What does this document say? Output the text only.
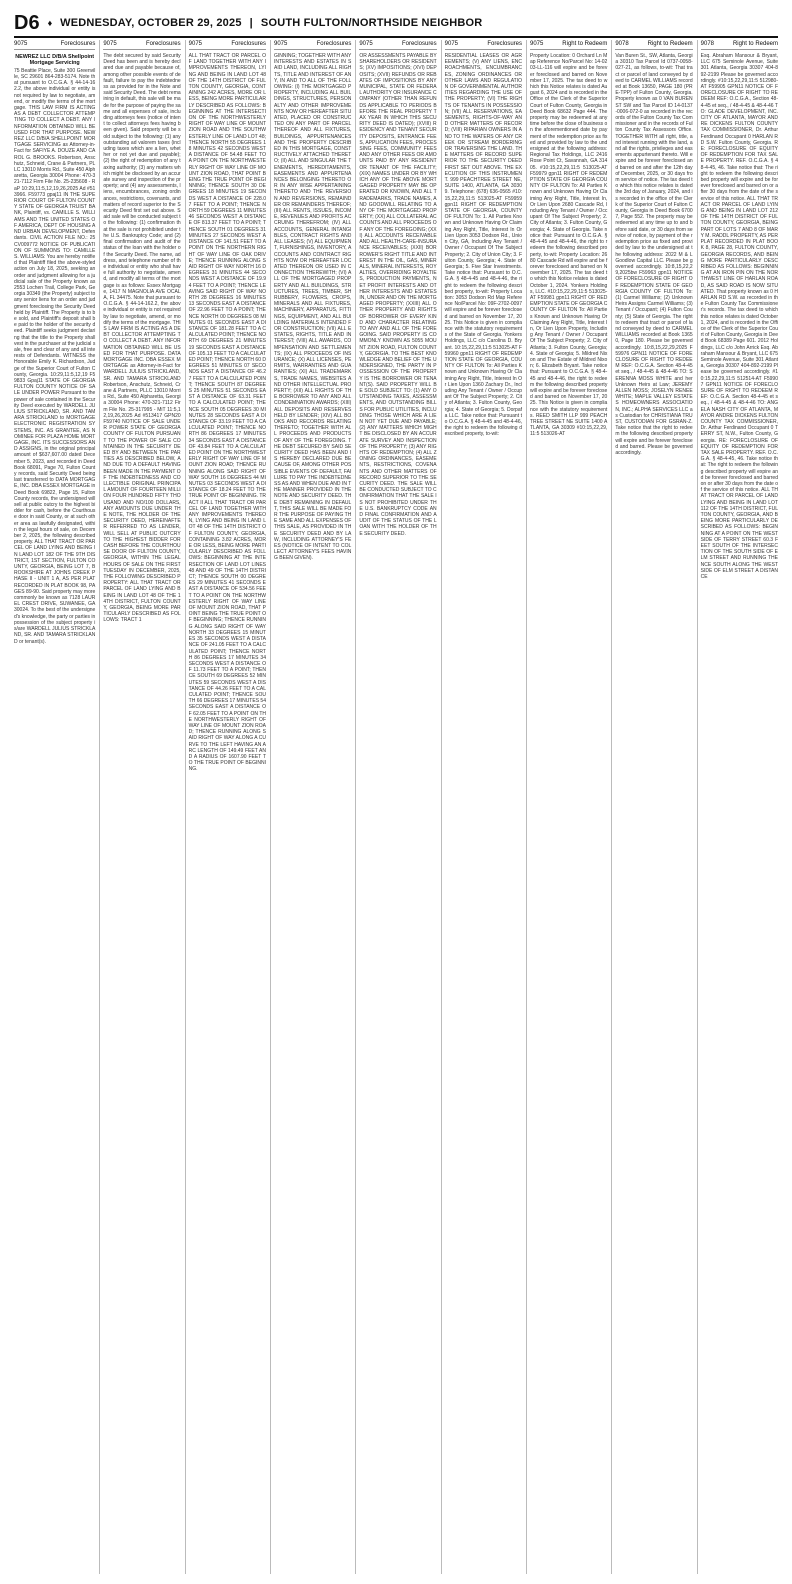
D6 ♦ WEDNESDAY, OCTOBER 29, 2025 | SOUTH FULTON/NORTHSIDE NEIGHBOR
9075	Foreclosures
NEWREZ LLC D/B/A Shellpoint Mortgage Servicing
75 Beattie Place, Suite 300 Greenville, SC 29601 864-283-5174. Note that pursuant to O.C.G.A. § 44-14-162.2, the above individual or entity is not required by law to negotiate, amend, or modify the terms of the mortgage. THIS LAW FIRM IS ACTING AS A DEBT COLLECTOR ATTEMPTING TO COLLECT A DEBT. ANY INFORMATION OBTAINED WILL BE USED FOR THAT PURPOSE. NEWREZ LLC D/B/A SHELLPOINT MORTGAGE SERVICING as Attorney-in-Fact for SAFIYE A. DOUZE AND CAROL G. BROOKS. Robertson, Anschutz, Schneid, Crane & Partners, PLLC 13010 Morris Rd., Suite 450 Alpharetta, Georgia 30004 Phone: 470-321-7112 Firm File No. 25-235608 - RaP 10:29,11:5,12,19,26,2025 Ad #513966. F59773 gpaj11 IN THE SUPERIOR COURT OF FULTON COUNTY STATE OF GEORGIA TRUIST BANK, Plaintiff, vs. CAMILLE S. WILLIAMS AND THE UNITED STATES OF AMERICA, DEPT OF HOUSING AND URBAN DEVELOPMENT, Defendants. CIVIL ACTION FILE NO.: 25CV009772 NOTICE OF PUBLICATION OF SUMMONS TO: CAMILLE S. WILLIAMS: You are hereby notified that Plaintiff filed the above-styled action on July 18, 2025, seeking an order and judgment allowing for a judicial sale of the Property known as 2553 Lochen Trail, College Park, Georgia 30349 (the Property) subject to any senior liens for an order and judgment foreclosing the Security Deed held by Plaintiff. The Property is to be sold, and Plaintiff's deposit shall be paid to the holder of the security deed. Plaintiff seeks judgment declaring that the title to the Property shall vest in the purchaser at the judicial sale, free and clear of any and all interests of Defendants. WITNESS the Honorable Emily K. Richardson, Judge of the Superior Court of Fulton County, Georgia. 10:29,11:5,12,19 F59833 Gpaj11 STATE OF GEORGIA FULTON COUNTY NOTICE OF SALE UNDER POWER Pursuant to the power of sale contained in the Security Deed executed by WARDELL JULIUS STRICKLAND, SR. AND TAMARA STRICKLAND to MORTGAGE ELECTRONIC REGISTRATION SYSTEMS, INC. AS GRANTEE, AS NOMINEE FOR PLAZA HOME MORTGAGE, INC. ITS SUCCESSORS AND ASSIGNS, in the original principal amount of $637,607.00 dated December 5, 2023, and recorded in Deed Book 68091, Page 70, Fulton County records, said Security Deed being last transferred to DATA MORTGAGE, INC. DBA ESSEX MORTGAGE in Deed Book 69822, Page 15, Fulton County records, the undersigned will sell at public outcry to the highest bidder for cash, before the Courthouse door in said County, or at such other area as lawfully designated, within the legal hours of sale, on December 2, 2025, the following described property. ALL THAT TRACT OR PARCEL OF LAND LYING AND BEING IN LAND LOT 182 OF THE 9TH DISTRICT, 1ST SECTION, FULTON COUNTY, GEORGIA, BEING LOT 7, BROOKSHIRE AT JOHNS CREEK PHASE II - UNIT 1 A, AS PER PLAT RECORDED IN PLAT BOOK 98, PAGES 89-90. Said property may more commonly be known as 7128 LAUREL CREST DRIVE, SUWANEE, GA 30024. To the best of the undersigned's knowledge, the party or parties in possession of the subject property is/are WARDELL JULIUS STRICKLAND, SR. AND TAMARA STRICKLAND or tenant(s).
9075	Foreclosures
The debt secured by said Security Deed has been and is hereby declared due and payable because of, among other possible events of default, failure to pay the indebtedness as provided for in the Note and said Security Deed. The debt remaining in default, this sale will be made for the purpose of paying the same and all expenses of sale, including attorneys fees (notice of intent to collect attorneys fees having been given). Said property will be sold subject to the following: (1) any outstanding ad valorem taxes (including taxes which are a lien, whether or not yet due and payable); (2) the right of redemption of any taxing authority; (3) any matters which might be disclosed by an accurate survey and inspection of the property; and (4) any assessments, liens, encumbrances, zoning ordinances, restrictions, covenants, and matters of record superior to the Security Deed first set out above. Said sale will be conducted subject to the following: (1) confirmation that the sale is not prohibited under the U.S. Bankruptcy Code; and (2) final confirmation and audit of the status of the loan with the holder of the Security Deed. The name, address, and telephone number of the individual or entity who shall have full authority to negotiate, amend, and modify all terms of the mortgage is as follows: Essex Mortgage, 1417 N MAGNOLIA AVE OCALA, FL 34475. Note that pursuant to O.C.G.A. § 44-14-162.2, the above individual or entity is not required by law to negotiate, amend, or modify the terms of the mortgage. THIS LAW FIRM IS ACTING AS A DEBT COLLECTOR ATTEMPTING TO COLLECT A DEBT. ANY INFORMATION OBTAINED WILL BE USED FOR THAT PURPOSE. DATA MORTGAGE INC. DBA ESSEX MORTGAGE as Attorney-in-Fact for WARDELL JULIUS STRICKLAND, SR. AND TAMARA STRICKLAND Robertson, Anschutz, Schneid, Crane & Partners, PLLC 13010 Morris Rd., Suite 450 Alpharetta, Georgia 30004 Phone: 470-321-7112 Firm File No. 25-317995 - MiT 11:5,12,19,26,2025 Ad #513417 GPN20 F59740 NOTICE OF SALE UNDER POWER STATE OF GEORGIA COUNTY OF FULTON PURSUANT TO THE POWER OF SALE CONTAINED IN THE SECURITY DEED BY AND BETWEEN THE PARTIES AS DESCRIBED BELOW, AND DUE TO A DEFAULT HAVING BEEN MADE IN THE PAYMENT OF THE INDEBTEDNESS AND COLLECTIBLE ORIGINAL PRINCIPAL AMOUNT OF FOURTEEN MILLION FOUR HUNDRED FIFTY THOUSAND AND NO/100 DOLLARS, ANY AMOUNTS DUE UNDER THE NOTE, THE HOLDER OF THE SECURITY DEED, HEREINAFTER REFERRED TO AS LENDER, WILL SELL AT PUBLIC OUTCRY TO THE HIGHEST BIDDER FOR CASH BEFORE THE COURTHOUSE DOOR OF FULTON COUNTY, GEORGIA, WITHIN THE LEGAL HOURS OF SALE ON THE FIRST TUESDAY IN DECEMBER, 2025, THE FOLLOWING DESCRIBED PROPERTY: ALL THAT TRACT OR PARCEL OF LAND LYING AND BEING IN LAND LOT 48 OF THE 14TH DISTRICT, FULTON COUNTY, GEORGIA, BEING MORE PARTICULARLY DESCRIBED AS FOLLOWS: TRACT 1
9075	Foreclosures
ALL THAT TRACT OR PARCEL OF LAND TOGETHER WITH ANY IMPROVEMENTS THEREON, LYING AND BEING IN LAND LOT 48 OF THE 14TH DISTRICT OF FULTON COUNTY, GEORGIA, CONTAINING 242 ACRES, MORE OR LESS, BEING MORE PARTICULARLY DESCRIBED AS FOLLOWS: BEGINNING AT THE INTERSECTION OF THE NORTHWESTERLY RIGHT OF WAY LINE OF MOUNT ZION ROAD AND THE SOUTHWESTERLY LINE OF LAND LOT 48; THENCE NORTH 55 DEGREES 18 MINUTES 42 SECONDS WEST A DISTANCE OF 54.48 FEET TO A POINT ON THE NORTHWESTERLY RIGHT OF WAY LINE OF MOUNT ZION ROAD, THAT POINT BEING THE TRUE POINT OF BEGINNING; THENCE SOUTH 30 DEGREES 18 MINUTES 19 SECONDS WEST A DISTANCE OF 228.07 FEET TO A POINT; THENCE NORTH 59 DEGREES 11 MINUTES 46 SECONDS WEST A DISTANCE OF 813.37 FEET TO A POINT; THENCE SOUTH 01 DEGREES 31 MINUTES 27 SECONDS WEST A DISTANCE OF 141.51 FEET TO A POINT ON THE NORTHERN RIGHT OF WAY LINE OF OAK DRIVE; THENCE RUNNING ALONG SAID RIGHT OF WAY NORTH 16 DEGREES 31 MINUTES 44 SECONDS WEST A DISTANCE OF 19.94 FEET TO A POINT; THENCE LEAVING SAID RIGHT OF WAY NORTH 28 DEGREES 16 MINUTES 13 SECONDS EAST A DISTANCE OF 22.96 FEET TO A POINT; THENCE NORTH 00 DEGREES 08 MINUTES 01 SECONDS EAST A DISTANCE OF 181.28 FEET TO A CALCULATED POINT; THENCE NORTH 69 DEGREES 21 MINUTES 19 SECONDS EAST A DISTANCE OF 105.13 FEET TO A CALCULATED POINT; THENCE NORTH 60 DEGREES 51 MINUTES 07 SECONDS EAST A DISTANCE OF 46.27 FEET TO A CALCULATED POINT; THENCE SOUTH 87 DEGREES 25 MINUTES 51 SECONDS EAST A DISTANCE OF 63.31 FEET TO A CALCULATED POINT; THENCE SOUTH 05 DEGREES 30 MINUTES 28 SECONDS EAST A DISTANCE OF 33.19 FEET TO A CALCULATED POINT; THENCE NORTH 86 DEGREES 17 MINUTES 34 SECONDS EAST A DISTANCE OF 43.84 FEET TO A CALCULATED POINT ON THE NORTHWESTERLY RIGHT OF WAY LINE OF MOUNT ZION ROAD; THENCE RUNNING ALONG SAID RIGHT OF WAY SOUTH 16 DEGREES 44 MINUTES 03 SECONDS WEST A DISTANCE OF 18.24 FEET TO THE TRUE POINT OF BEGINNING. TRACT II ALL THAT TRACT OR PARCEL OF LAND TOGETHER WITH ANY IMPROVEMENTS THEREON, LYING AND BEING IN LAND LOT 48 OF THE 14TH DISTRICT OF FULTON COUNTY, GEORGIA, CONTAINING 3.82 ACRES, MORE OR LESS, BEING MORE PARTICULARLY DESCRIBED AS FOLLOWS: BEGINNING AT THE INTERSECTION OF LAND LOT LINES 48 AND 49 OF THE 14TH DISTRICT; THENCE SOUTH 00 DEGREES 29 MINUTES 41 SECONDS EAST A DISTANCE OF 534.56 FEET TO A POINT ON THE NORTHWESTERLY RIGHT OF WAY LINE OF MOUNT ZION ROAD, THAT POINT BEING THE TRUE POINT OF BEGINNING; THENCE RUNNING ALONG SAID RIGHT OF WAY NORTH 33 DEGREES 15 MINUTES 35 SECONDS WEST A DISTANCE OF 241.05 FEET TO A CALCULATED POINT; THENCE NORTH 86 DEGREES 17 MINUTES 34 SECONDS WEST A DISTANCE OF 11.73 FEET TO A POINT; THENCE SOUTH 69 DEGREES 52 MINUTES 59 SECONDS WEST A DISTANCE OF 44.26 FEET TO A CALCULATED POINT; THENCE SOUTH 66 DEGREES 17 MINUTES 54 SECONDS EAST A DISTANCE OF 62.05 FEET TO A POINT ON THE NORTHWESTERLY RIGHT OF WAY LINE OF MOUNT ZION ROAD; THENCE RUNNING ALONG SAID RIGHT OF WAY ALONG A CURVE TO THE LEFT HAVING AN ARC LENGTH OF 149.49 FEET AND A RADIUS OF 1607.90 FEET TO THE TRUE POINT OF BEGINNING.
9075	Foreclosures
GINNING; TOGETHER WITH ANY INTERESTS AND ESTATES IN SAID LAND, INCLUDING ALL RIGHTS, TITLE AND INTEREST OF ANY, IN AND TO ALL OF THE FOLLOWING: (I) THE MORTGAGED PROPERTY, INCLUDING ALL BUILDINGS, STRUCTURES, PERSONALTY AND OTHER IMPROVEMENTS NOW OR HEREAFTER SITUATED, PLACED OR CONSTRUCTED ON ANY PART OF PARCEL THEREOF AND ALL FIXTURES, BUILDINGS, APPURTENANCES AND THE PROPERTY DESCRIBED IN THIS MORTGAGE, CONSTRUCTIVELY ATTACHED THERETO; (II) ALL AND SINGULAR THE TENEMENTS, HEREDITAMENTS, EASEMENTS AND APPURTENANCES BELONGING THERETO OR IN ANY WISE APPERTAINING THERETO AND THE REVERSION AND REVERSIONS, REMAINDER OR REMAINDERS THEREOF; (III) ALL RENTS, ISSUES, INCOME, REVENUES AND PROFITS ACCRUING THEREFROM; (IV) ALL ACCOUNTS, GENERAL INTANGIBLES, CONTRACT RIGHTS AND ALL LEASES; (V) ALL EQUIPMENT, FURNISHINGS, INVENTORY, ACCOUNTS AND CONTRACT RIGHTS NOW OR HEREAFTER LOCATED THEREON OR USED IN CONNECTION THEREWITH; (VI) ALL OF THE MORTGAGED PROPERTY AND ALL BUILDINGS, STRUCTURES, TREES, TIMBER, SHRUBBERY, FLOWERS, CROPS, MINERALS AND ALL FIXTURES, MACHINERY, APPARATUS, FITTINGS, EQUIPMENT, AND ALL BUILDING MATERIALS INTENDED FOR CONSTRUCTION; (VII) ALL ESTATES, RIGHTS, TITLE AND INTEREST; (VIII) ALL AWARDS, COMPENSATION AND SETTLEMENTS; (IX) ALL PROCEEDS OF INSURANCE; (X) ALL LICENSES, PERMITS, WARRANTIES AND GUARANTIES; (XI) ALL TRADEMARKS, TRADE NAMES, WEBSITES AND OTHER INTELLECTUAL PROPERTY; (XII) ALL RIGHTS OF THE BORROWER TO ANY AND ALL CONDEMNATION AWARDS; (XIII) ALL DEPOSITS AND RESERVES HELD BY LENDER; (XIV) ALL BOOKS AND RECORDS RELATING THERETO; TOGETHER WITH ALL PROCEEDS AND PRODUCTS OF ANY OF THE FOREGOING. THE DEBT SECURED BY SAID SECURITY DEED HAS BEEN AND IS HEREBY DECLARED DUE BECAUSE OF, AMONG OTHER POSSIBLE EVENTS OF DEFAULT, FAILURE TO PAY THE INDEBTEDNESS AS AND WHEN DUE AND IN THE MANNER PROVIDED IN THE NOTE AND SECURITY DEED. THE DEBT REMAINING IN DEFAULT, THIS SALE WILL BE MADE FOR THE PURPOSE OF PAYING THE SAME AND ALL EXPENSES OF THIS SALE, AS PROVIDED IN THE SECURITY DEED AND BY LAW, INCLUDING ATTORNEY'S FEES (NOTICE OF INTENT TO COLLECT ATTORNEY'S FEES HAVING BEEN GIVEN).
9075	Foreclosures
OR ASSESSMENTS PAYABLE BY SHAREHOLDERS OR RESIDENTS; (XV) IMPOSITIONS; (XVI) DEPOSITS; (XVII) REFUNDS OR REBATES OF IMPOSITIONS BY ANY MUNICIPAL, STATE OR FEDERAL AUTHORITY OR INSURANCE COMPANY (OTHER THAN REFUNDS APPLICABLE TO PERIODS BEFORE THE REAL PROPERTY TAX YEAR IN WHICH THIS SECURITY DEED IS DATED); (XVIII) RESIDENCY AND TENANT SECURITY DEPOSITS, ENTRANCE FEES, APPLICATION FEES, PROCESSING FEES, COMMUNITY FEES AND ANY OTHER FEES OR AMOUNTS PAID BY ANY RESIDENT OR TENANT OF THE FACILITY; (XIX) NAMES UNDER OR BY WHICH ANY OF THE ABOVE MORTGAGED PROPERTY MAY BE OPERATED OR KNOWN, AND ALL TRADEMARKS, TRADE NAMES, AND GOODWILL RELATING TO ANY OF THE MORTGAGED PROPERTY; (XX) ALL COLLATERAL ACCOUNTS AND ALL PROCEEDS OF ANY OF THE FOREGOING; (XXI) ALL ACCOUNTS RECEIVABLE AND ALL HEALTH-CARE-INSURANCE RECEIVABLES; (XXII) BORROWER'S RIGHT TITLE AND INTEREST IN THE OIL, GAS, MINERALS, MINERAL INTERESTS, ROYALTIES, OVERRIDING ROYALTIES, PRODUCTION PAYMENTS, NET PROFIT INTERESTS AND OTHER INTERESTS AND ESTATES IN, UNDER AND ON THE MORTGAGED PROPERTY; (XXIII) ALL OTHER PROPERTY AND RIGHTS OF BORROWER OF EVERY KIND AND CHARACTER RELATING TO ANY AND ALL OF THE FOREGOING. SAID PROPERTY IS COMMONLY KNOWN AS 5055 MOUNT ZION ROAD, FULTON COUNTY, GEORGIA. TO THE BEST KNOWLEDGE AND BELIEF OF THE UNDERSIGNED, THE PARTY IN POSSESSION OF THE PROPERTY IS THE BORROWER OR TENANT(S). SAID PROPERTY WILL BE SOLD SUBJECT TO: (1) ANY OUTSTANDING TAXES, ASSESSMENTS, AND OUTSTANDING BILLS FOR PUBLIC UTILITIES, INCLUDING THOSE WHICH ARE A LIEN NOT YET DUE AND PAYABLE; (2) ANY MATTERS WHICH MIGHT BE DISCLOSED BY AN ACCURATE SURVEY AND INSPECTION OF THE PROPERTY; (3) ANY RIGHTS OF REDEMPTION; (4) ALL ZONING ORDINANCES, EASEMENTS, RESTRICTIONS, COVENANTS AND OTHER MATTERS OF RECORD SUPERIOR TO THE SECURITY DEED. THE SALE WILL BE CONDUCTED SUBJECT TO CONFIRMATION THAT THE SALE IS NOT PROHIBITED UNDER THE U.S. BANKRUPTCY CODE AND FINAL CONFIRMATION AND AUDIT OF THE STATUS OF THE LOAN WITH THE HOLDER OF THE SECURITY DEED.
9075	Foreclosures
RESIDENTIAL LEASES OR AGREEMENTS; (V) ANY LIENS, ENCROACHMENTS, ENCUMBRANCES, ZONING ORDINANCES OR OTHER LAWS AND REGULATION OF GOVERNMENTAL AUTHORITIES REGARDING THE USE OF THE PROPERTY; (VI) THE RIGHTS OF TENANTS IN POSSESSION; (VII) ALL RESERVATIONS, EASEMENTS, RIGHTS-OF-WAY AND OTHER MATTERS OF RECORD; (VIII) RIPARIAN OWNERS IN AND TO THE WATERS OF ANY CREEK OR STREAM BORDERING OR TRAVERSING THE LAND. THE MATTERS OF RECORD SUPERIOR TO THE SECURITY DEED FIRST SET OUT ABOVE. THE EXECUTION OF THIS INSTRUMENT. 999 PEACHTREE STREET NE, SUITE 1400, ATLANTA, GA 30309. Telephone: (678) 636-0565 #10:15,22,29,11:5 513025-AT F59959 gpn11 RIGHT OF REDEMPTION STATE OF GEORGIA, COUNTY OF FULTON To: 1. All Parties Known and Unknown Having Or Claiming Any Right, Title, Interest In Or Lien Upon 3053 Dodson Rd., Union City, GA, Including Any Tenant / Owner / Occupant Of The Subject Property; 2. City of Union City; 3. Fulton County, Georgia; 4. State of Georgia; 5. Five Star Investments. Take notice that: Pursuant to O.C.G.A. § 48-4-45 and 48-4-46, the right to redeem the following described property, to-wit: Property Location: 3053 Dodson Rd Map Reference No/Parcel No: 09F-2702-0097 will expire and be forever foreclosed and barred on November 17, 2025. This Notice is given in compliance with the statutory requirements of the State of Georgia. Yonkers Holdings, LLC c/o Carolina D. Bryant. 10:15,22,29,11:5 513025-AT F59960 gpn11 RIGHT OF REDEMPTION STATE OF GEORGIA, COUNTY OF FULTON To: All Parties Known and Unknown Having Or Claiming Any Right, Title, Interest In Or Lien Upon 1360 Zachary Dr., Including Any Tenant / Owner / Occupant Of The Subject Property; 2. City of Atlanta; 3. Fulton County, Georgia; 4. State of Georgia; 5. Dorpafa LLC. Take notice that: Pursuant to O.C.G.A. § 48-4-45 and 48-4-46, the right to redeem the following described property, to-wit:
9075	Right to Redeem
Property Location: 0 Orchard Ln Map Reference No/Parcel No: 14-0203-LL-116 will expire and be forever foreclosed and barred on November 17, 2025. The tax deed to which this Notice relates is dated August 6, 2024 and is recorded in the Office of the Clerk of the Superior Court of Fulton County, Georgia in Deed Book 68632 Page 444. The property may be redeemed at any time before the close of business on the aforementioned date by payment of the redemption price as fixed and provided by law to the undersigned at the following address: Regional Tax Holdings, LLC 2416 Rose Point Ct, Savannah, GA 31405. #10:15,22,29,11:5 513025-AT F59979 gpn11 RIGHT OF REDEMPTION STATE OF GEORGIA COUNTY OF FULTON To: All Parties Known and Unknown Having Or Claiming Any Right, Title, Interest In, Or Lien Upon 2680 Cascade Rd, Including Any Tenant / Owner / Occupant Of The Subject Property; 2. City of Atlanta; 3. Fulton County, Georgia; 4. State of Georgia. Take notice that: Pursuant to O.C.G.A. § 48-4-45 and 48-4-46, the right to redeem the following described property, to-wit: Property Location: 2680 Cascade Rd will expire and be forever foreclosed and barred on November 17, 2025. The tax deed to which this Notice relates is dated October 1, 2024. Yonkers Holdings, LLC. #10:15,22,29,11:5 513025-AT F59981 gpn11 RIGHT OF REDEMPTION STATE OF GEORGIA COUNTY OF FULTON To: All Parties Known and Unknown Having Or Claiming Any Right, Title, Interest In, Or Lien Upon Property, Including Any Tenant / Owner / Occupant Of The Subject Property; 2. City of Atlanta; 3. Fulton County, Georgia; 4. State of Georgia; 5. Mildred Nixon and The Estate of Mildred Nixon; 6. Elizabeth Bryant. Take notice that: Pursuant to O.C.G.A. § 48-4-45 and 48-4-46, the right to redeem the following described property will expire and be forever foreclosed and barred on November 17, 2025. This Notice is given in compliance with the statutory requirements. REED SMITH LLP 999 PEACHTREE STREET NE SUITE 1400 ATLANTA, GA 30309 #10:15,22,29,11:5 513026-AT
9078	Right to Redeem
Van Buren St., SW, Atlanta, Georgia 30310 Tax Parcel Id 0737-0058-027-21, as follows, to-wit: That tract or parcel of land conveyed by deed to CARMEL WILLIAMS recorded at Book 13650, PAGE 180 (PRE-TPP) of Fulton County, Georgia. Property known as 0 VAN BUREN ST SW and Tax Parcel ID 14-0137-0006-072-0 as recorded in the records of the Fulton County Tax Commissioner and in the records of Fulton County Tax Assessors Office. TOGETHER WITH all right, title, and interest running with the land, and all the rights, privileges and easements appurtenant thereto. Will expire and be forever foreclosed and barred on and after the 12th day of December, 2025, or 30 days from service of notice. The tax deed to which this notice relates is dated the 3rd day of January, 2024, and is recorded in the office of the Clerk of the Superior Court of Fulton County, Georgia in Deed Book 67007, Page 552. The property may be redeemed at any time up to and before said date, or 30 days from service of notice, by payment of the redemption price as fixed and provided by law to the undersigned at the following address: 2022 M & L Goodlow Capital LLC. Please be governed accordingly. 10:8,15,22,29,2025bw F59963 gpn11 NOTICE OF FORECLOSURE OF RIGHT OF REDEMPTION STATE OF GEORGIA COUNTY OF FULTON To: (1) Carmel Williams; (2) Unknown Heirs Assigns Carmel Williams; (3) Tenant / Occupant; (4) Fulton County; (5) State of Georgia. The right to redeem that tract or parcel of land conveyed by deed to CARMEL WILLIAMS recorded at Book 13650, Page 180. Please be governed accordingly. 10:8,15,22,29,2025 F59976 GPN11 NOTICE OF FORECLOSURE OF RIGHT TO REDEEM REF: O.C.G.A. Section 48-4-45 et seq., / 48-4-45 & 48-4-46 TO: SERENNA MOSS WHITE and her Unknown Heirs at Law; JEREMY ALLEN MOSS; JOSELYN RENEE WHITE; MAPLE VALLEY ESTATES HOMEOWNERS ASSOCIATION, INC.; ALPHA SERVICES LLC as Custodian for CHRISTIANA TRUST, CUSTODIAN FOR GSRAN-Z. Take notice that the right to redeem the following described property will expire and be forever foreclosed and barred. Please be governed accordingly.
9078	Right to Redeem
Esq. Abraham Mansour & Bryant, LLC 675 Seminole Avenue, Suite 301 Atlanta, Georgia 30307 404-892-2199 Please be governed accordingly. #10:15,22,29,11:5 512980-AT F59905 GPN11 NOTICE OF FORECLOSURE OF RIGHT TO REDEEM REF: O.C.G.A., Section 48-4-45 et seq., / 48-4-45 & 48-4-46 TO: GLADE DEVELOPMENT, INC. CITY OF ATLANTA, MAYOR ANDRE DICKENS FULTON COUNTY TAX COMMISSIONER, Dr. Arthur Ferdinand Occupant 0 HARLAN RD S.W. Fulton County, Georgia. RE: FORECLOSURE OF EQUITY OF REDEMPTION FOR TAX SALE PROPERTY. REF. O.C.G.A. § 48-4-45, 46. Take notice that: The right to redeem the following described property will expire and be forever foreclosed and barred on or after 30 days from the date of the service of this notice. ALL THAT TRACT OR PARCEL OF LAND LYING AND BEING IN LAND LOT 212 OF THE 14TH DISTRICT OF FULTON COUNTY, GEORGIA, BEING PART OF LOTS 7 AND 8 OF MARY M. RADDL PROPERTY, AS PER PLAT RECORDED IN PLAT BOOK 8, PAGE 28, FULTON COUNTY, GEORGIA RECORDS, AND BEING MORE PARTICULARLY DESCRIBED AS FOLLOWS: BEGINNING AT AN IRON PIN ON THE NORTHWEST LINE OF HARLAN ROAD, AS SAID ROAD IS NOW SITUATED. That property known as 0 HARLAN RD S.W. as recorded in the Fulton County Tax Commissioner's records. The tax deed to which this notice relates is dated October 1, 2024, and is recorded in the Office of the Clerk of the Superior Court of Fulton County, Georgia in Deed Book 68389 Page 601. 2012 Holdings, LLC c/o John Arrick Esq. Abraham Mansour & Bryant, LLC 675 Seminole Avenue, Suite 301 Atlanta, Georgia 30307 404-892-2199 Please be governed accordingly. #10:15,22,29,11:5 512514-AT F59907 GPN11 NOTICE OF FORECLOSURE OF RIGHT TO REDEEM REF: O.C.G.A. Section 48-4-45 et seq., / 48-4-45 & 48-4-46 TO: ANGELA NASH CITY OF ATLANTA, MAYOR ANDRE DICKENS FULTON COUNTY TAX COMMISSIONER, Dr. Arthur Ferdinand Occupant 0 TERRY ST, N.W., Fulton County, Georgia. RE: FORECLOSURE OF EQUITY OF REDEMPTION FOR TAX SALE PROPERTY. REF. O.C.G.A. § 48-4-45, 46. Take notice that: The right to redeem the following described property will expire and be forever foreclosed and barred on or after 30 days from the date of the service of this notice. ALL THAT TRACT OR PARCEL OF LAND LYING AND BEING IN LAND LOT 112 OF THE 14TH DISTRICT, FULTON COUNTY, GEORGIA, AND BEING MORE PARTICULARLY DESCRIBED AS FOLLOWS: BEGINNING AT A POINT ON THE WEST SIDE OF TERRY STREET 60.3 FEET SOUTH OF THE INTERSECTION OF THE SOUTH SIDE OF ELM STREET AND RUNNING THENCE SOUTH ALONG THE WEST SIDE OF ELM STREET A DISTANCE
